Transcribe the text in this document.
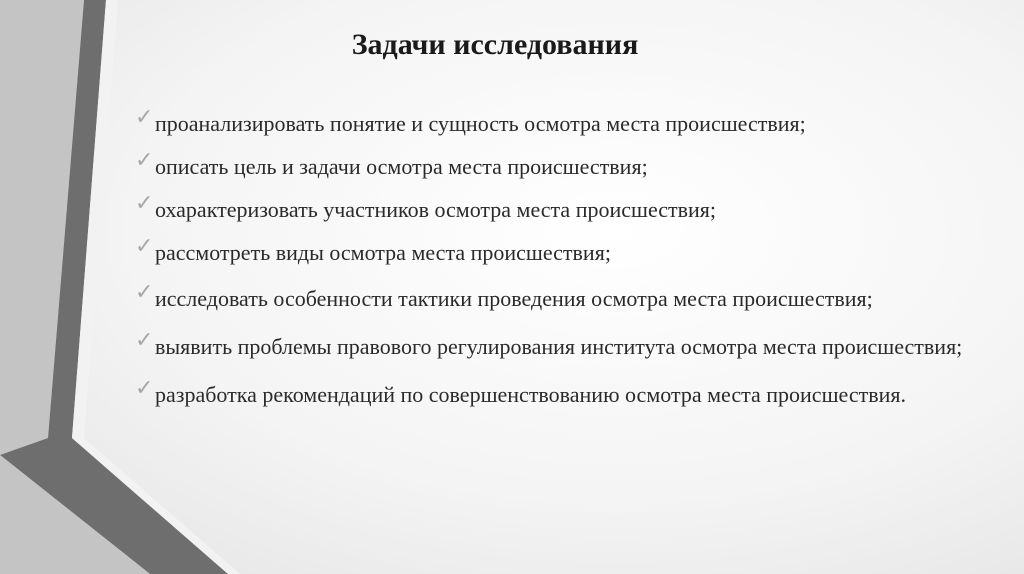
Задачи исследования
✓ проанализировать понятие и сущность осмотра места происшествия;
✓ описать цель и задачи осмотра места происшествия;
✓ охарактеризовать участников осмотра места происшествия;
✓ рассмотреть виды осмотра места происшествия;
✓ исследовать особенности тактики проведения осмотра места происшествия;
✓ выявить проблемы правового регулирования института осмотра места происшествия;
✓ разработка рекомендаций по совершенствованию осмотра места происшествия.
